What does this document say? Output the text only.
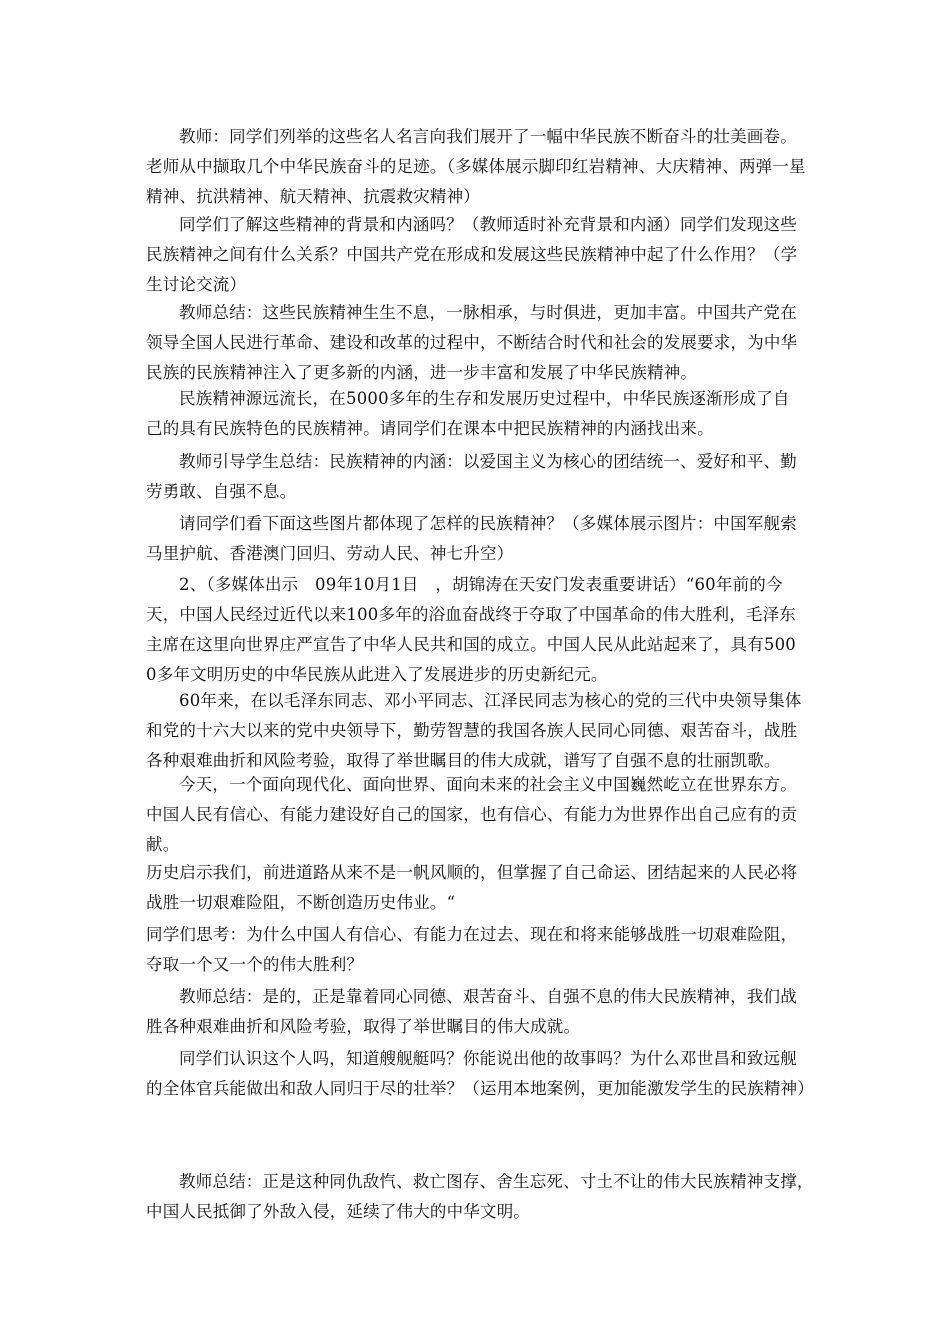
教师：同学们列举的这些名人名言向我们展开了一幅中华民族不断奋斗的壮美画卷。老师从中撷取几个中华民族奋斗的足迹。（多媒体展示脚印红岩精神、大庆精神、两弹一星精神、抗洪精神、航天精神、抗震救灾精神）

同学们了解这些精神的背景和内涵吗？（教师适时补充背景和内涵）同学们发现这些民族精神之间有什么关系？中国共产党在形成和发展这些民族精神中起了什么作用？（学生讨论交流）

教师总结：这些民族精神生生不息，一脉相承，与时俱进，更加丰富。中国共产党在领导全国人民进行革命、建设和改革的过程中，不断结合时代和社会的发展要求，为中华民族的民族精神注入了更多新的内涵，进一步丰富和发展了中华民族精神。

民族精神源远流长，在5000多年的生存和发展历史过程中，中华民族逐渐形成了自己的具有民族特色的民族精神。请同学们在课本中把民族精神的内涵找出来。

教师引导学生总结：民族精神的内涵：以爱国主义为核心的团结统一、爱好和平、勤劳勇敢、自强不息。

请同学们看下面这些图片都体现了怎样的民族精神？（多媒体展示图片：中国军舰索马里护航、香港澳门回归、劳动人民、神七升空）

2、（多媒体出示　09年10月1日　，胡锦涛在天安门发表重要讲话）“60年前的今天，中国人民经过近代以来100多年的浴血奋战终于夺取了中国革命的伟大胜利，毛泽东主席在这里向世界庄严宣告了中华人民共和国的成立。中国人民从此站起来了，具有5000多年文明历史的中华民族从此进入了发展进步的历史新纪元。

60年来，在以毛泽东同志、邓小平同志、江泽民同志为核心的党的三代中央领导集体和党的十六大以来的党中央领导下，勤劳智慧的我国各族人民同心同德、艰苦奋斗，战胜各种艰难曲折和风险考验，取得了举世瞩目的伟大成就，谱写了自强不息的壮丽凯歌。

今天，一个面向现代化、面向世界、面向未来的社会主义中国巍然屹立在世界东方。中国人民有信心、有能力建设好自己的国家，也有信心、有能力为世界作出自己应有的贡献。

历史启示我们，前进道路从来不是一帆风顺的，但掌握了自己命运、团结起来的人民必将战胜一切艰难险阻，不断创造历史伟业。“

同学们思考：为什么中国人有信心、有能力在过去、现在和将来能够战胜一切艰难险阻，夺取一个又一个的伟大胜利？

教师总结：是的，正是靠着同心同德、艰苦奋斗、自强不息的伟大民族精神，我们战胜各种艰难曲折和风险考验，取得了举世瞩目的伟大成就。

同学们认识这个人吗，知道艘舰艇吗？你能说出他的故事吗？为什么邓世昌和致远舰的全体官兵能做出和敌人同归于尽的壮举？（运用本地案例，更加能激发学生的民族精神）

教师总结：正是这种同仇敌忾、救亡图存、舍生忘死、寸土不让的伟大民族精神支撑，中国人民抵御了外敌入侵，延续了伟大的中华文明。
